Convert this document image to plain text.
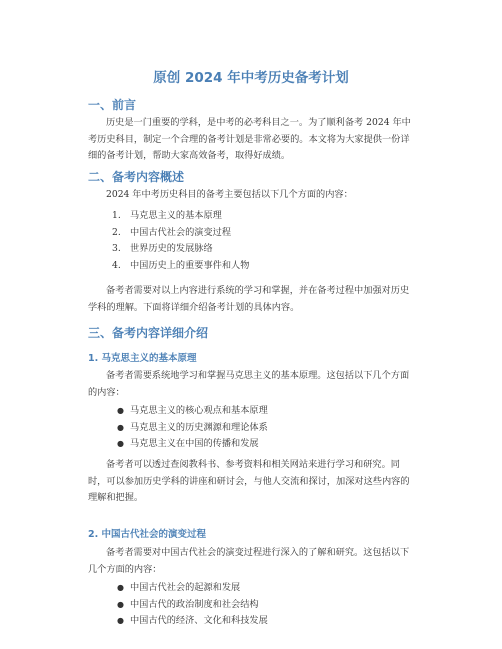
原创 2024 年中考历史备考计划
一、前言

历史是一门重要的学科，是中考的必考科目之一。为了顺利备考 2024 年中考历史科目，制定一个合理的备考计划是非常必要的。本文将为大家提供一份详细的备考计划，帮助大家高效备考，取得好成绩。

二、备考内容概述

2024 年中考历史科目的备考主要包括以下几个方面的内容：

1. 马克思主义的基本原理
2. 中国古代社会的演变过程
3. 世界历史的发展脉络
4. 中国历史上的重要事件和人物

备考者需要对以上内容进行系统的学习和掌握，并在备考过程中加强对历史学科的理解。下面将详细介绍备考计划的具体内容。

三、备考内容详细介绍
1. 马克思主义的基本原理

备考者需要系统地学习和掌握马克思主义的基本原理。这包括以下几个方面的内容：

● 马克思主义的核心观点和基本原理
● 马克思主义的历史渊源和理论体系
● 马克思主义在中国的传播和发展

备考者可以透过查阅教科书、参考资料和相关网站来进行学习和研究。同时，可以参加历史学科的讲座和研讨会，与他人交流和探讨，加深对这些内容的理解和把握。

2. 中国古代社会的演变过程

备考者需要对中国古代社会的演变过程进行深入的了解和研究。这包括以下几个方面的内容：

● 中国古代社会的起源和发展
● 中国古代的政治制度和社会结构
● 中国古代的经济、文化和科技发展
